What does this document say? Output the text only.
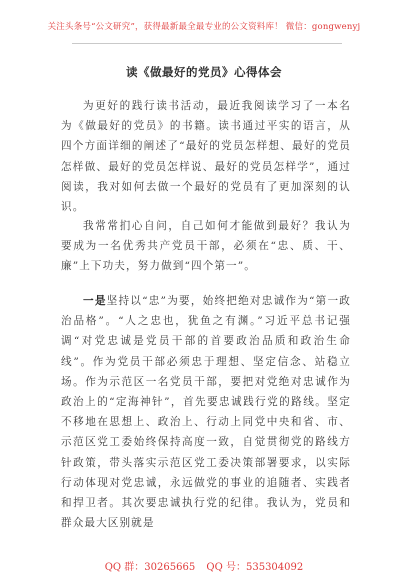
关注头条号“公文研究”，获得最新最全最专业的公文资料库！ 微信：gongwenyj
读《做最好的党员》心得体会
为更好的践行读书活动，最近我阅读学习了一本名为《做最好的党员》的书籍。读书通过平实的语言，从四个方面详细的阐述了“最好的党员怎样想、最好的党员怎样做、最好的党员怎样说、最好的党员怎样学”，通过阅读，我对如何去做一个最好的党员有了更加深刻的认识。
我常常扪心自问，自己如何才能做到最好？我认为要成为一名优秀共产党员干部，必须在“忠、质、干、廉”上下功夫，努力做到“四个第一”。
一是坚持以“忠”为要，始终把绝对忠诚作为“第一政治品格”。“人之忠也，犹鱼之有渊。”习近平总书记强调“对党忠诚是党员干部的首要政治品质和政治生命线”。作为党员干部必须忠于理想、坚定信念、站稳立场。作为示范区一名党员干部，要把对党绝对忠诚作为政治上的“定海神针”，首先要忠诚践行党的路线。坚定不移地在思想上、政治上、行动上同党中央和省、市、示范区党工委始终保持高度一致，自觉贯彻党的路线方针政策，带头落实示范区党工委决策部署要求，以实际行动体现对党忠诚，永远做党的事业的追随者、实践者和捍卫者。其次要忠诚执行党的纪律。我认为，党员和群众最大区别就是
QQ 群：30265665 QQ 号：535304092
